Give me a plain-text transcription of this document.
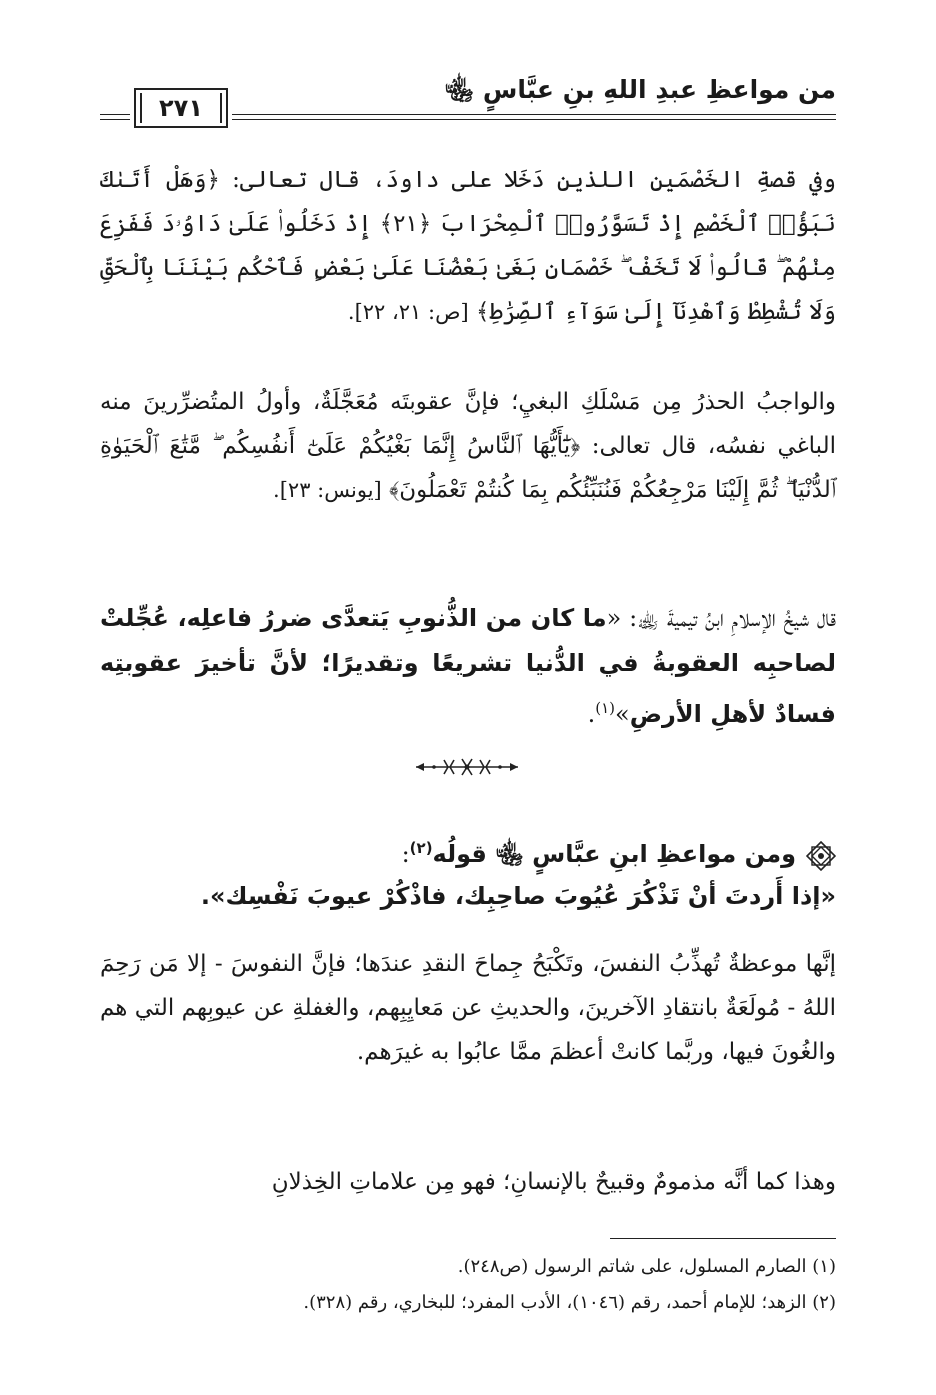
من مواعظِ عبدِ اللهِ بنِ عبَّاسٍ ﵄
٢٧١
وفي قصةِ الخَصْمَينِ اللذينِ دَخَلا على داودَ، قال تعالى: ﴿وَهَلْ أَتَىٰكَ نَبَؤُا۟ ٱلْخَصْمِ إِذْ تَسَوَّرُوا۟ ٱلْمِحْرَابَ ﴿٢١﴾ إِذْ دَخَلُوا۟ عَلَىٰ دَاوُۥدَ فَفَزِعَ مِنْهُمْ ۖ قَالُوا۟ لَا تَخَفْ ۖ خَصْمَانِ بَغَىٰ بَعْضُنَا عَلَىٰ بَعْضٍ فَٱحْكُم بَيْنَنَا بِٱلْحَقِّ وَلَا تُشْطِطْ وَٱهْدِنَآ إِلَىٰ سَوَآءِ ٱلصِّرَٰطِ﴾ [ص: ٢١، ٢٢].
والواجبُ الحذرُ مِن مَسْلَكِ البغيِ؛ فإنَّ عقوبتَه مُعَجَّلَةٌ، وأولُ المتُضرِّرينَ منه الباغي نفسُه، قال تعالى: ﴿يَٰٓأَيُّهَا ٱلنَّاسُ إِنَّمَا بَغْيُكُمْ عَلَىٰٓ أَنفُسِكُم ۖ مَّتَٰعَ ٱلْحَيَوٰةِ ٱلدُّنْيَا ۖ ثُمَّ إِلَيْنَا مَرْجِعُكُمْ فَنُنَبِّئُكُم بِمَا كُنتُمْ تَعْمَلُونَ﴾ [يونس: ٢٣].
قال شيخُ الإسلامِ ابنُ تيميةَ ﵀: «ما كان من الذُّنوبِ يَتعدَّى ضررُ فاعلِه، عُجِّلتْ لصاحبِه العقوبةُ في الدُّنيا تشريعًا وتقديرًا؛ لأنَّ تأخيرَ عقوبتِه فسادٌ لأهلِ الأرضِ»$^{(١)}$.
ومن مواعظِ ابنِ عبَّاسٍ ﵄ قولُه$^{(٢)}$:
«إذا أَردتَ أنْ تَذْكُرَ عُيُوبَ صاحِبِك، فاذْكُرْ عيوبَ نَفْسِك».
إنَّها موعظةٌ تُهذِّبُ النفسَ، وتَكْبَحُ جِماحَ النقدِ عندَها؛ فإنَّ النفوسَ - إلا مَن رَحِمَ اللهُ - مُولَعَةٌ بانتقادِ الآخرينَ، والحديثِ عن مَعايِبِهم، والغفلةِ عن عيوبِهم التي هم والغُونَ فيها، وربَّما كانتْ أعظمَ ممَّا عابُوا به غيرَهم.
وهذا كما أنَّه مذمومٌ وقبيحٌ بالإنسانِ؛ فهو مِن علاماتِ الخِذلانِ
(١) الصارم المسلول، على شاتم الرسول (ص٢٤٨).
(٢) الزهد؛ للإمام أحمد، رقم (١٠٤٦)، الأدب المفرد؛ للبخاري، رقم (٣٢٨).
